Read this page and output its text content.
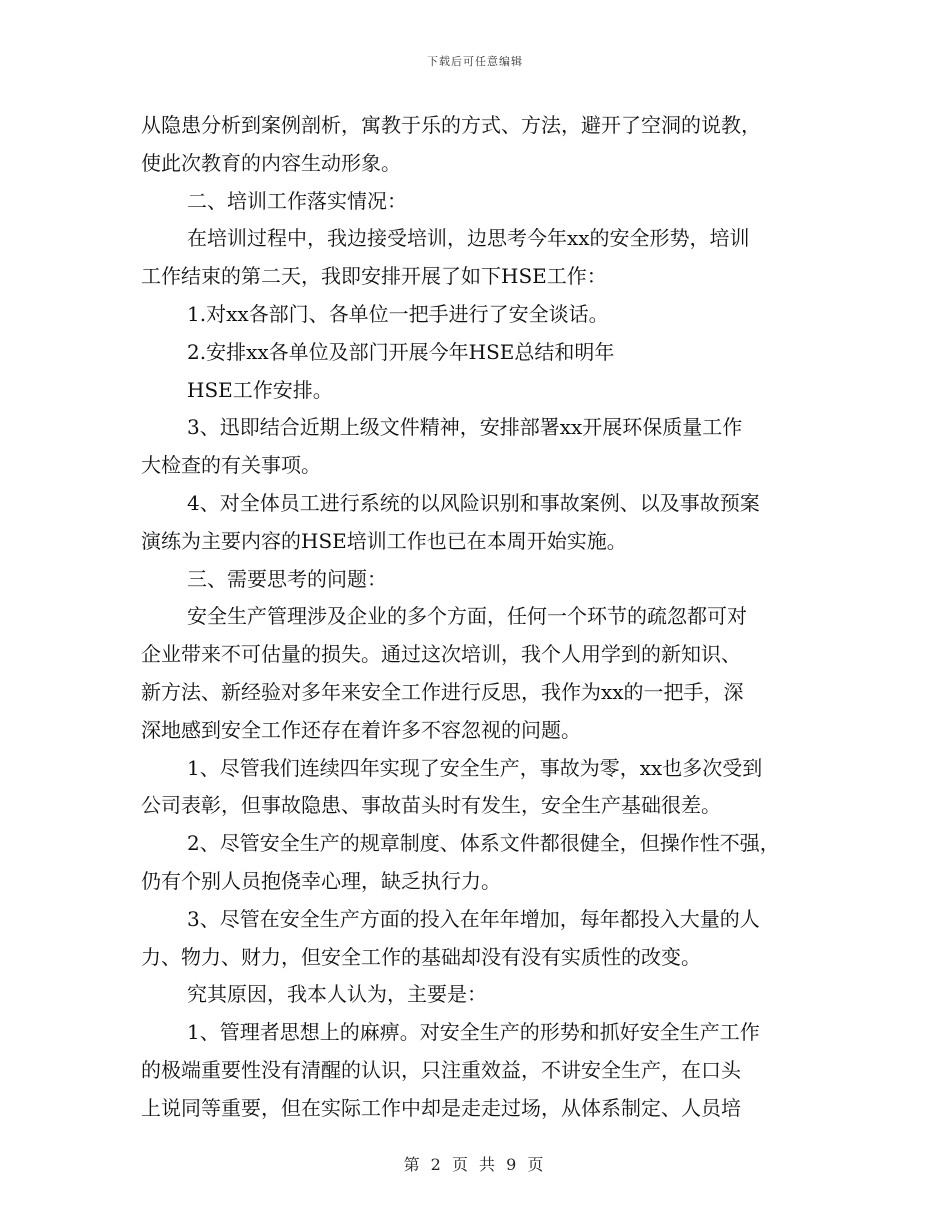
下载后可任意编辑
从隐患分析到案例剖析，寓教于乐的方式、方法，避开了空洞的说教，
使此次教育的内容生动形象。
二、培训工作落实情况：
在培训过程中，我边接受培训，边思考今年xx的安全形势，培训
工作结束的第二天，我即安排开展了如下HSE工作：
1.对xx各部门、各单位一把手进行了安全谈话。
2.安排xx各单位及部门开展今年HSE总结和明年
HSE工作安排。
3、迅即结合近期上级文件精神，安排部署xx开展环保质量工作
大检查的有关事项。
4、对全体员工进行系统的以风险识别和事故案例、以及事故预案
演练为主要内容的HSE培训工作也已在本周开始实施。
三、需要思考的问题：
安全生产管理涉及企业的多个方面，任何一个环节的疏忽都可对
企业带来不可估量的损失。通过这次培训，我个人用学到的新知识、
新方法、新经验对多年来安全工作进行反思，我作为xx的一把手，深
深地感到安全工作还存在着许多不容忽视的问题。
1、尽管我们连续四年实现了安全生产，事故为零，xx也多次受到
公司表彰，但事故隐患、事故苗头时有发生，安全生产基础很差。
2、尽管安全生产的规章制度、体系文件都很健全，但操作性不强，
仍有个别人员抱侥幸心理，缺乏执行力。
3、尽管在安全生产方面的投入在年年增加，每年都投入大量的人
力、物力、财力，但安全工作的基础却没有没有实质性的改变。
究其原因，我本人认为，主要是：
1、管理者思想上的麻痹。对安全生产的形势和抓好安全生产工作
的极端重要性没有清醒的认识，只注重效益，不讲安全生产，在口头
上说同等重要，但在实际工作中却是走走过场，从体系制定、人员培
第 2 页 共 9 页
